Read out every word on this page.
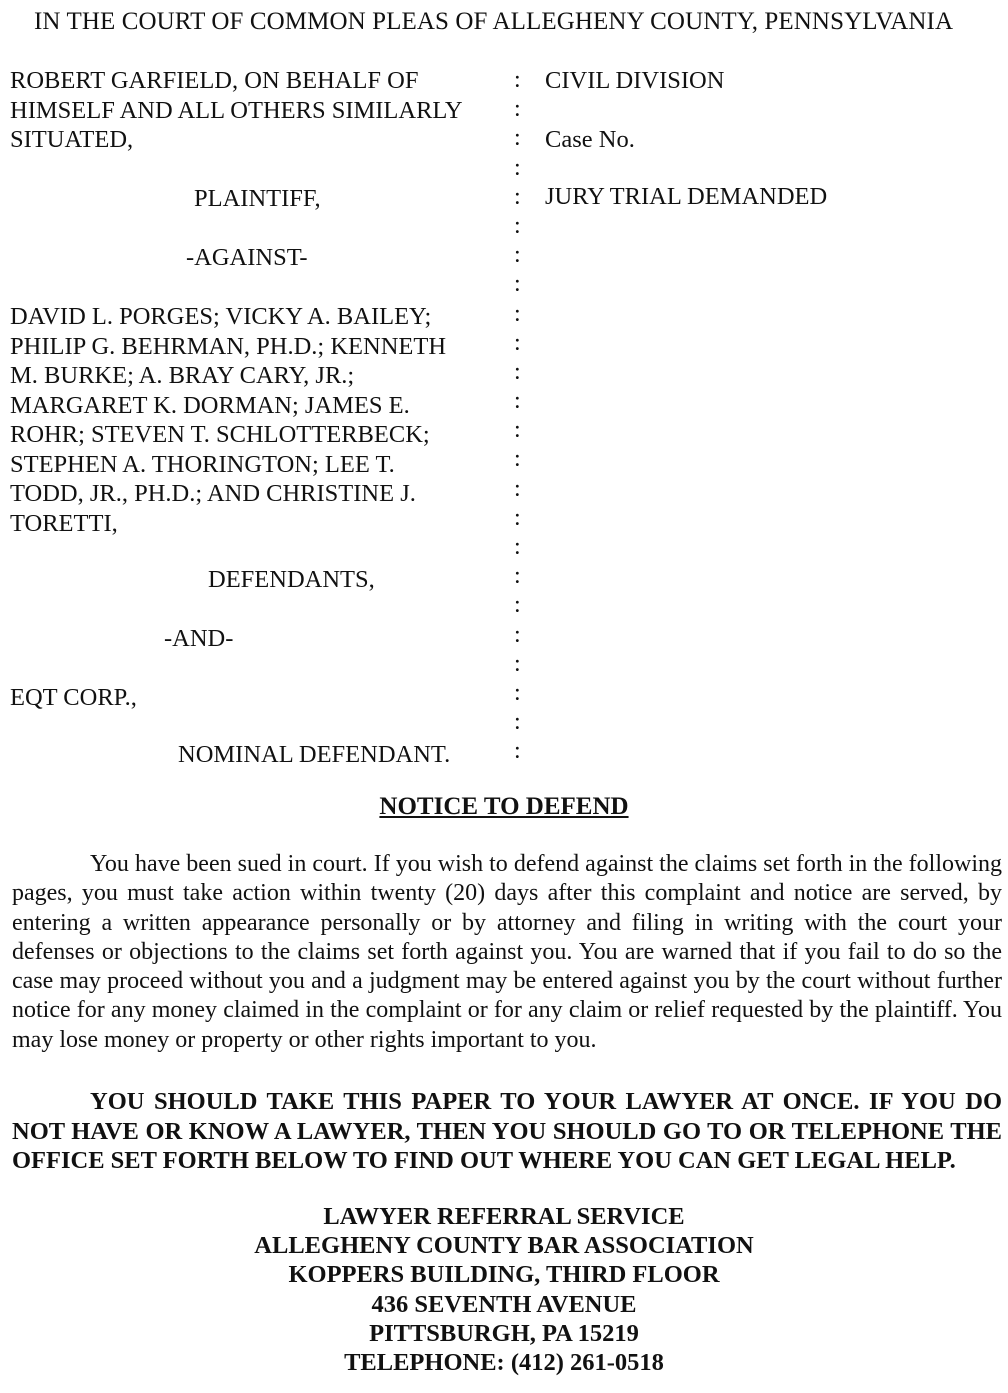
IN THE COURT OF COMMON PLEAS OF ALLEGHENY COUNTY, PENNSYLVANIA
ROBERT GARFIELD, ON BEHALF OF
HIMSELF AND ALL OTHERS SIMILARLY
SITUATED,
PLAINTIFF,
-AGAINST-
DAVID L. PORGES; VICKY A. BAILEY;
PHILIP G. BEHRMAN, PH.D.; KENNETH
M. BURKE; A. BRAY CARY, JR.;
MARGARET K. DORMAN; JAMES E.
ROHR; STEVEN T. SCHLOTTERBECK;
STEPHEN A. THORINGTON; LEE T.
TODD, JR., PH.D.; AND CHRISTINE J.
TORETTI,
DEFENDANTS,
-AND-
EQT CORP.,
NOMINAL DEFENDANT.
:
:
:
:
:
:
:
:
:
:
:
:
:
:
:
:
:
:
:
:
:
:
:
:
CIVIL DIVISION
Case No.
JURY TRIAL DEMANDED
NOTICE TO DEFEND
You have been sued in court. If you wish to defend against the claims set forth in the following pages, you must take action within twenty (20) days after this complaint and notice are served, by entering a written appearance personally or by attorney and filing in writing with the court your defenses or objections to the claims set forth against you. You are warned that if you fail to do so the case may proceed without you and a judgment may be entered against you by the court without further notice for any money claimed in the complaint or for any claim or relief requested by the plaintiff. You may lose money or property or other rights important to you.
YOU SHOULD TAKE THIS PAPER TO YOUR LAWYER AT ONCE. IF YOU DO NOT HAVE OR KNOW A LAWYER, THEN YOU SHOULD GO TO OR TELEPHONE THE OFFICE SET FORTH BELOW TO FIND OUT WHERE YOU CAN GET LEGAL HELP.
LAWYER REFERRAL SERVICE
ALLEGHENY COUNTY BAR ASSOCIATION
KOPPERS BUILDING, THIRD FLOOR
436 SEVENTH AVENUE
PITTSBURGH, PA 15219
TELEPHONE: (412) 261-0518
